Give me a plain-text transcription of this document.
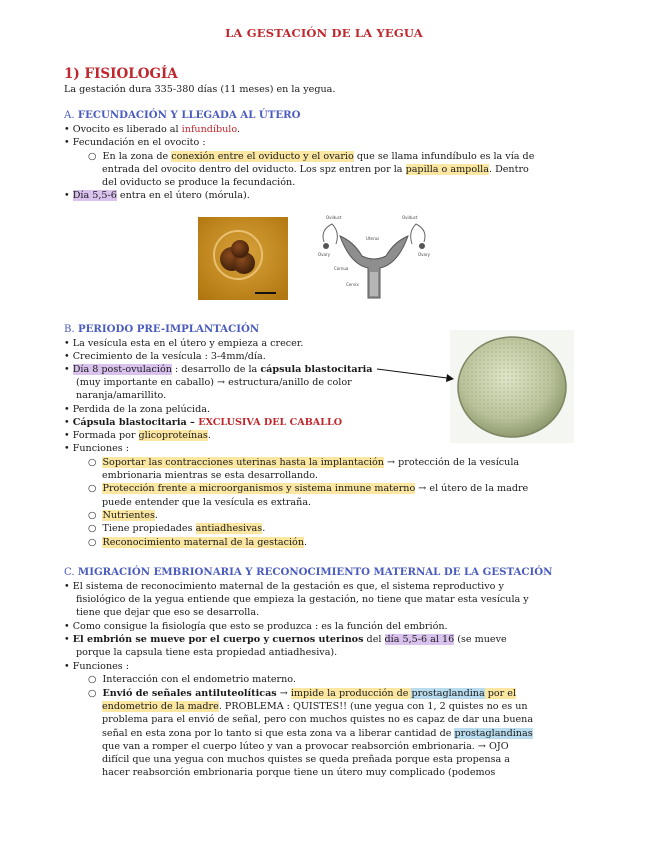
LA GESTACIÓN DE LA YEGUA
1) FISIOLOGÍA
La gestación dura 335-380 días (11 meses) en la yegua.
A. FECUNDACIÓN Y LLEGADA AL ÚTERO
• Ovocito es liberado al infundíbulo.
• Fecundación en el ovocito :
○  En la zona de conexión entre el oviducto y el ovario que se llama infundíbulo es la vía de
entrada del ovocito dentro del oviducto. Los spz entren por la papilla o ampolla. Dentro
del oviducto se produce la fecundación.
• Día 5,5-6 entra en el útero (mórula).
Oviduct	Oviduct
Ovary	Ovary
Uterus
Cornua
Cervix
B. PERIODO PRE-IMPLANTACIÓN
• La vesícula esta en el útero y empieza a crecer.
• Crecimiento de la vesícula : 3-4mm/día.
• Día 8 post-ovulación : desarrollo de la cápsula blastocitaria
(muy importante en caballo) → estructura/anillo de color
naranja/amarillito.
• Perdida de la zona pelúcida.
• Cápsula blastocitaria – EXCLUSIVA DEL CABALLO
• Formada por glicoproteínas.
• Funciones :
○  Soportar las contracciones uterinas hasta la implantación → protección de la vesícula
embrionaria mientras se esta desarrollando.
○  Protección frente a microorganismos y sistema inmune materno → el útero de la madre
puede entender que la vesícula es extraña.
○  Nutrientes.
○  Tiene propiedades antiadhesivas.
○  Reconocimiento maternal de la gestación.
C. MIGRACIÓN EMBRIONARIA Y RECONOCIMIENTO MATERNAL DE LA GESTACIÓN
• El sistema de reconocimiento maternal de la gestación es que, el sistema reproductivo y
fisiológico de la yegua entiende que empieza la gestación, no tiene que matar esta vesícula y
tiene que dejar que eso se desarrolla.
• Como consigue la fisiología que esto se produzca : es la función del embrión.
• El embrión se mueve por el cuerpo y cuernos uterinos del día 5,5-6 al 16 (se mueve
porque la capsula tiene esta propiedad antiadhesiva).
• Funciones :
○  Interacción con el endometrio materno.
○  Envió de señales antiluteolíticas → impide la producción de prostaglandina por el
endometrio de la madre. PROBLEMA : QUISTES!! (une yegua con 1, 2 quistes no es un
problema para el envió de señal, pero con muchos quistes no es capaz de dar una buena
señal en esta zona por lo tanto si que esta zona va a liberar cantidad de prostaglandinas
que van a romper el cuerpo lúteo y van a provocar reabsorción embrionaria. → OJO
difícil que una yegua con muchos quistes se queda preñada porque esta propensa a
hacer reabsorción embrionaria porque tiene un útero muy complicado (podemos
